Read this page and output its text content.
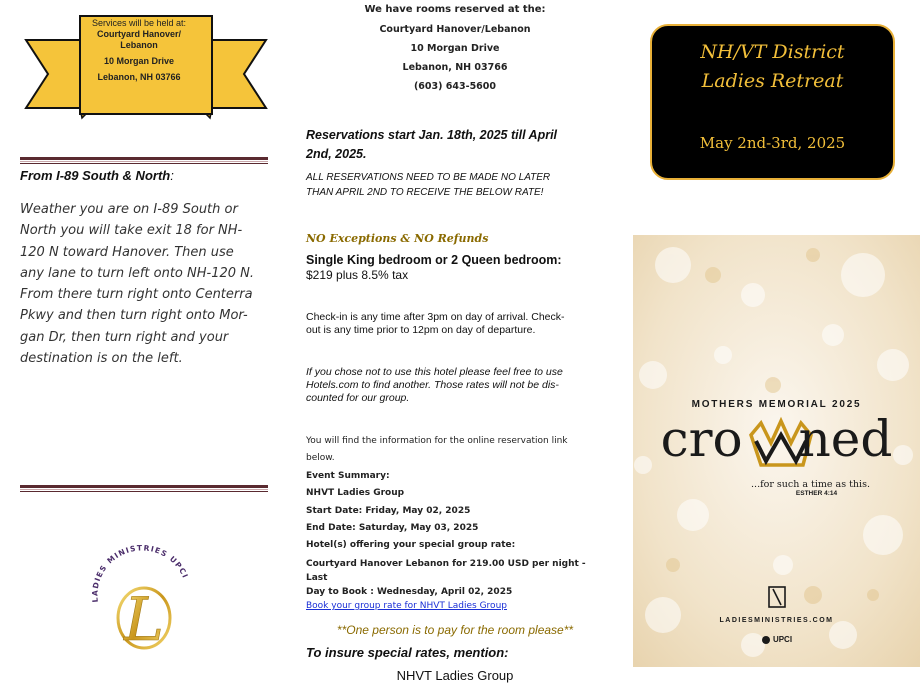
Services will be held at:
Courtyard Hanover/
Lebanon
10 Morgan Drive
Lebanon, NH 03766
From I-89 South & North:
Weather you are on I-89 South or
North you will take exit 18 for NH-
120 N toward Hanover. Then use
any lane to turn left onto NH-120 N.
From there turn right onto Centerra
Pkwy and then turn right onto Mor-
gan Dr, then turn right and your
destination is on the left.
LADIES MINISTRIES UPCI
L
We have rooms reserved at the:
Courtyard Hanover/Lebanon
10 Morgan Drive
Lebanon, NH 03766
(603) 643-5600
Reservations start Jan. 18th, 2025 till April
2nd, 2025.
ALL RESERVATIONS NEED TO BE MADE NO LATER
THAN APRIL 2ND TO RECEIVE THE BELOW RATE!
NO Exceptions & NO Refunds
Single King bedroom or 2 Queen bedroom:
$219 plus 8.5% tax
Check-in is any time after 3pm on day of arrival. Check-
out is any time prior to 12pm on day of departure.
If you chose not to use this hotel please feel free to use
Hotels.com to find another. Those rates will not be dis-
counted for our group.
You will find the information for the online reservation link
below.
Event Summary:
NHVT Ladies Group
Start Date: Friday, May 02, 2025
End Date: Saturday, May 03, 2025
Hotel(s) offering your special group rate:
Courtyard Hanover Lebanon for 219.00 USD per night - Last
Day to Book : Wednesday, April 02, 2025
Book your group rate for NHVT Ladies Group
**One person is to pay for the room please**
To insure special rates, mention:
NHVT Ladies Group
NH/VT District
Ladies Retreat
May 2nd-3rd, 2025
MOTHERS MEMORIAL 2025
cro ned
...for such a time as this.
ESTHER 4:14
LADIESMINISTRIES.COM
UPCI
